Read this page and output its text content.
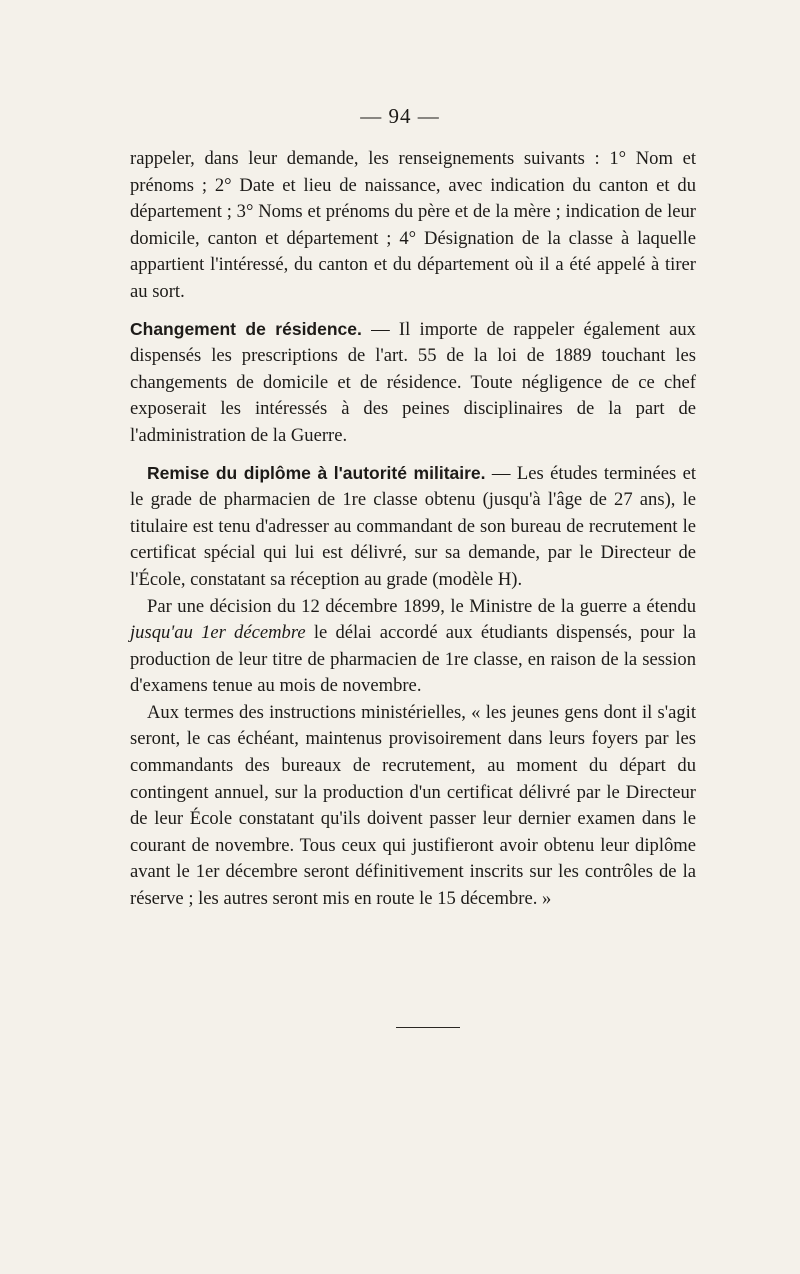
— 94 —

rappeler, dans leur demande, les renseignements suivants : 1° Nom et prénoms ; 2° Date et lieu de naissance, avec indication du canton et du département ; 3° Noms et prénoms du père et de la mère ; indication de leur domicile, canton et département ; 4° Désignation de la classe à laquelle appartient l'intéressé, du canton et du département où il a été appelé à tirer au sort.

Changement de résidence. — Il importe de rappeler également aux dispensés les prescriptions de l'art. 55 de la loi de 1889 touchant les changements de domicile et de résidence. Toute négligence de ce chef exposerait les intéressés à des peines disciplinaires de la part de l'administration de la Guerre.

Remise du diplôme à l'autorité militaire. — Les études terminées et le grade de pharmacien de 1re classe obtenu (jusqu'à l'âge de 27 ans), le titulaire est tenu d'adresser au commandant de son bureau de recrutement le certificat spécial qui lui est délivré, sur sa demande, par le Directeur de l'École, constatant sa réception au grade (modèle H).

Par une décision du 12 décembre 1899, le Ministre de la guerre a étendu jusqu'au 1er décembre le délai accordé aux étudiants dispensés, pour la production de leur titre de pharmacien de 1re classe, en raison de la session d'examens tenue au mois de novembre.

Aux termes des instructions ministérielles, « les jeunes gens dont il s'agit seront, le cas échéant, maintenus provisoirement dans leurs foyers par les commandants des bureaux de recrutement, au moment du départ du contingent annuel, sur la production d'un certificat délivré par le Directeur de leur École constatant qu'ils doivent passer leur dernier examen dans le courant de novembre. Tous ceux qui justifieront avoir obtenu leur diplôme avant le 1er décembre seront définitivement inscrits sur les contrôles de la réserve ; les autres seront mis en route le 15 décembre. »
